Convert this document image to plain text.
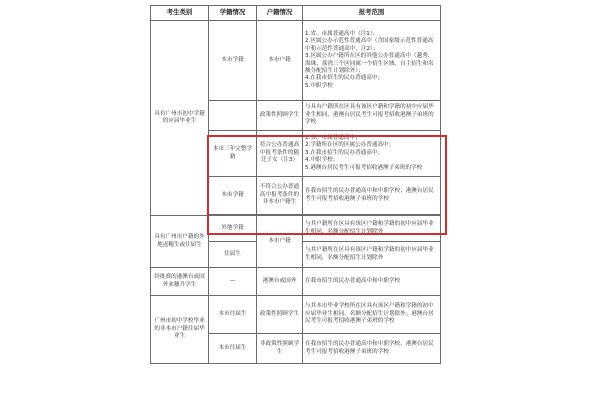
考生类别	学籍情况	户籍情况	报考范围
具有广州市初中学籍的应届毕业生	本市学籍	本市户籍	1.省、市属普通高中（注1）；
2.区属公办示范性普通高中（含国家级示范性普通高中和示范性普通高中，注2）；
3.区属公办户籍所在区的其他公办普通高中（越秀、海珠、荔湾三个区同属一个招生区域，自主招生和名额分配招生计划除外）；
4.在我市招生的民办普通高中；
5.中职学校

		政策性照顾学生	与具有户籍所在区具有该区户籍和学籍的初中应届毕业生相同，港澳台居民考生可报考招收港澳子弟班的学校

	本市三年完整学籍	符合公办普通高中报考条件的随迁子女（注3）	1.省、市属普通高中；
2.学籍所在区的区属公办普通高中；
3.在我市招生的民办普通高中；
4.中职学校；
5.港澳台居民考生可报考招收港澳子弟班的学校

	本市学籍	不符合公办普通高中报考条件的非本市户籍生	在我市招生的民办普通高中和中职学校；港澳台居民考生可报考招收港澳子弟班的学校

具有广州市户籍的外地返穗生或往届生	外地学籍	本市户籍	与其户籍所在区具有该区户籍和学籍的初中应届毕业生相同，名额分配招生计划除外

	往届生		与其户籍所在区具有该区户籍和学籍的初中应届毕业生相同，名额分配招生计划除外

经批准的港澳台或国外来穗升学生	—	港澳台或国外	在我市招生的民办普通高中和中职学校

广州市初中学校毕业的非本市户籍往届毕业生	本市往届生	政策性照顾学生	与其本市毕业学校所在区具有该区户籍和学籍的初中应届毕业生相同，名额分配招生计划除外；港澳台居民考生可报考招收港澳子弟班的学校

	本市往届生	非政策性照顾学生	在我市招生的民办普通高中和中职学校，港澳台居民考生可报考招收港澳子弟班的学校
